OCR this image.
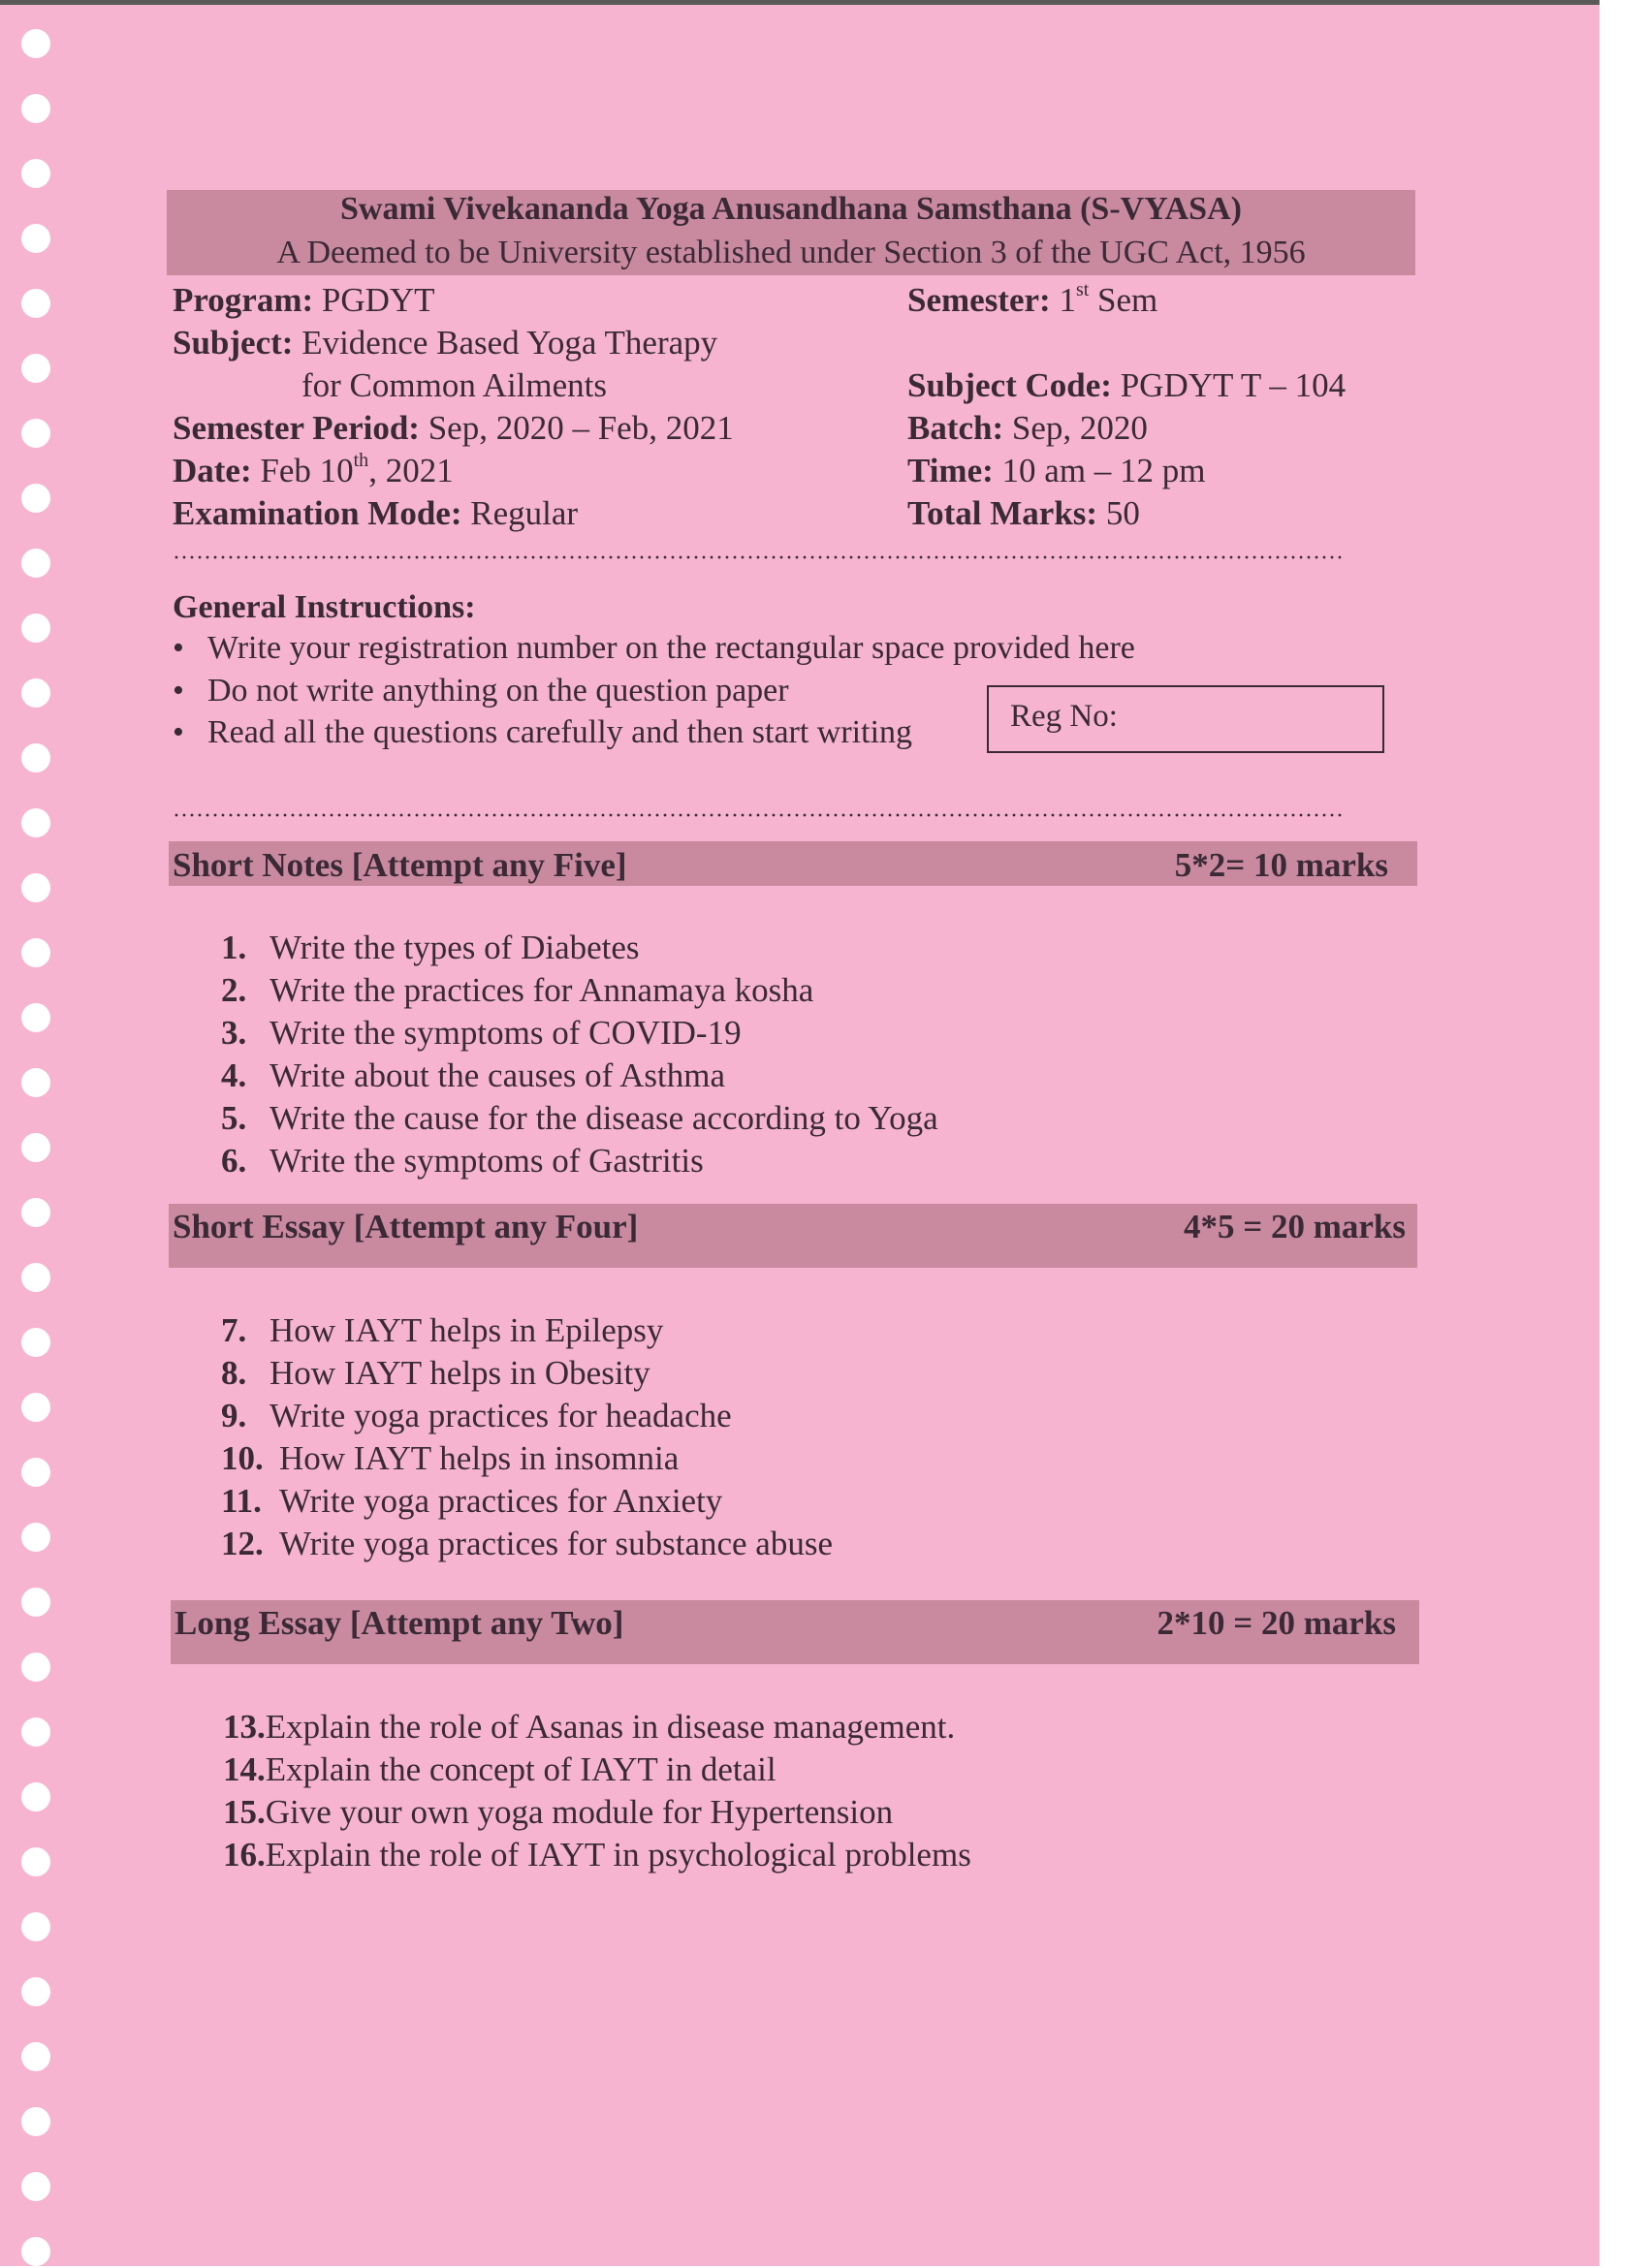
Swami Vivekananda Yoga Anusandhana Samsthana (S-VYASA)
A Deemed to be University established under Section 3 of the UGC Act, 1956
Program: PGDYT	Semester: 1st Sem
Subject: Evidence Based Yoga Therapy
for Common Ailments	Subject Code: PGDYT T – 104
Semester Period: Sep, 2020 – Feb, 2021	Batch: Sep, 2020
Date: Feb 10th, 2021	Time: 10 am – 12 pm
Examination Mode: Regular	Total Marks: 50
General Instructions:
• Write your registration number on the rectangular space provided here
• Do not write anything on the question paper
• Read all the questions carefully and then start writing	Reg No:
Short Notes [Attempt any Five]	5*2= 10 marks
1. Write the types of Diabetes
2. Write the practices for Annamaya kosha
3. Write the symptoms of COVID-19
4. Write about the causes of Asthma
5. Write the cause for the disease according to Yoga
6. Write the symptoms of Gastritis
Short Essay [Attempt any Four]	4*5 = 20 marks
7. How IAYT helps in Epilepsy
8. How IAYT helps in Obesity
9. Write yoga practices for headache
10. How IAYT helps in insomnia
11. Write yoga practices for Anxiety
12. Write yoga practices for substance abuse
Long Essay [Attempt any Two]	2*10 = 20 marks
13.Explain the role of Asanas in disease management.
14.Explain the concept of IAYT in detail
15.Give your own yoga module for Hypertension
16.Explain the role of IAYT in psychological problems
